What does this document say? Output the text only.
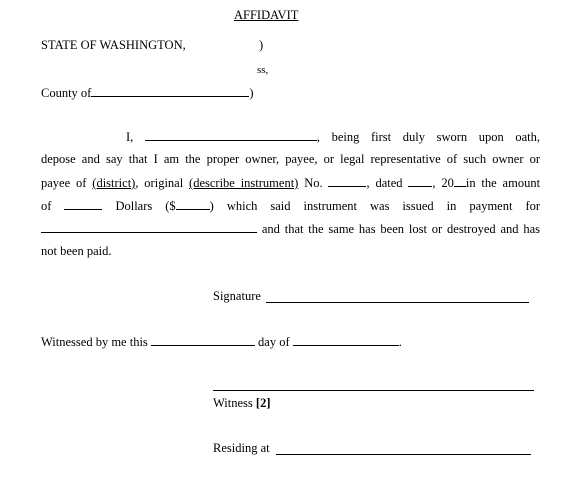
AFFIDAVIT
STATE OF WASHINGTON,	)
ss,
County of	)
I,	, being first duly sworn upon oath,
depose and say that I am the proper owner, payee, or legal representative of such owner or
payee of (district), original (describe instrument) No.	, dated , 20 in the amount
of	Dollars ($	) which said instrument was issued in payment for
and that the same has been lost or destroyed and has
not been paid.
Signature
Witnessed by me this	day of	.
Witness [2]
Residing at
